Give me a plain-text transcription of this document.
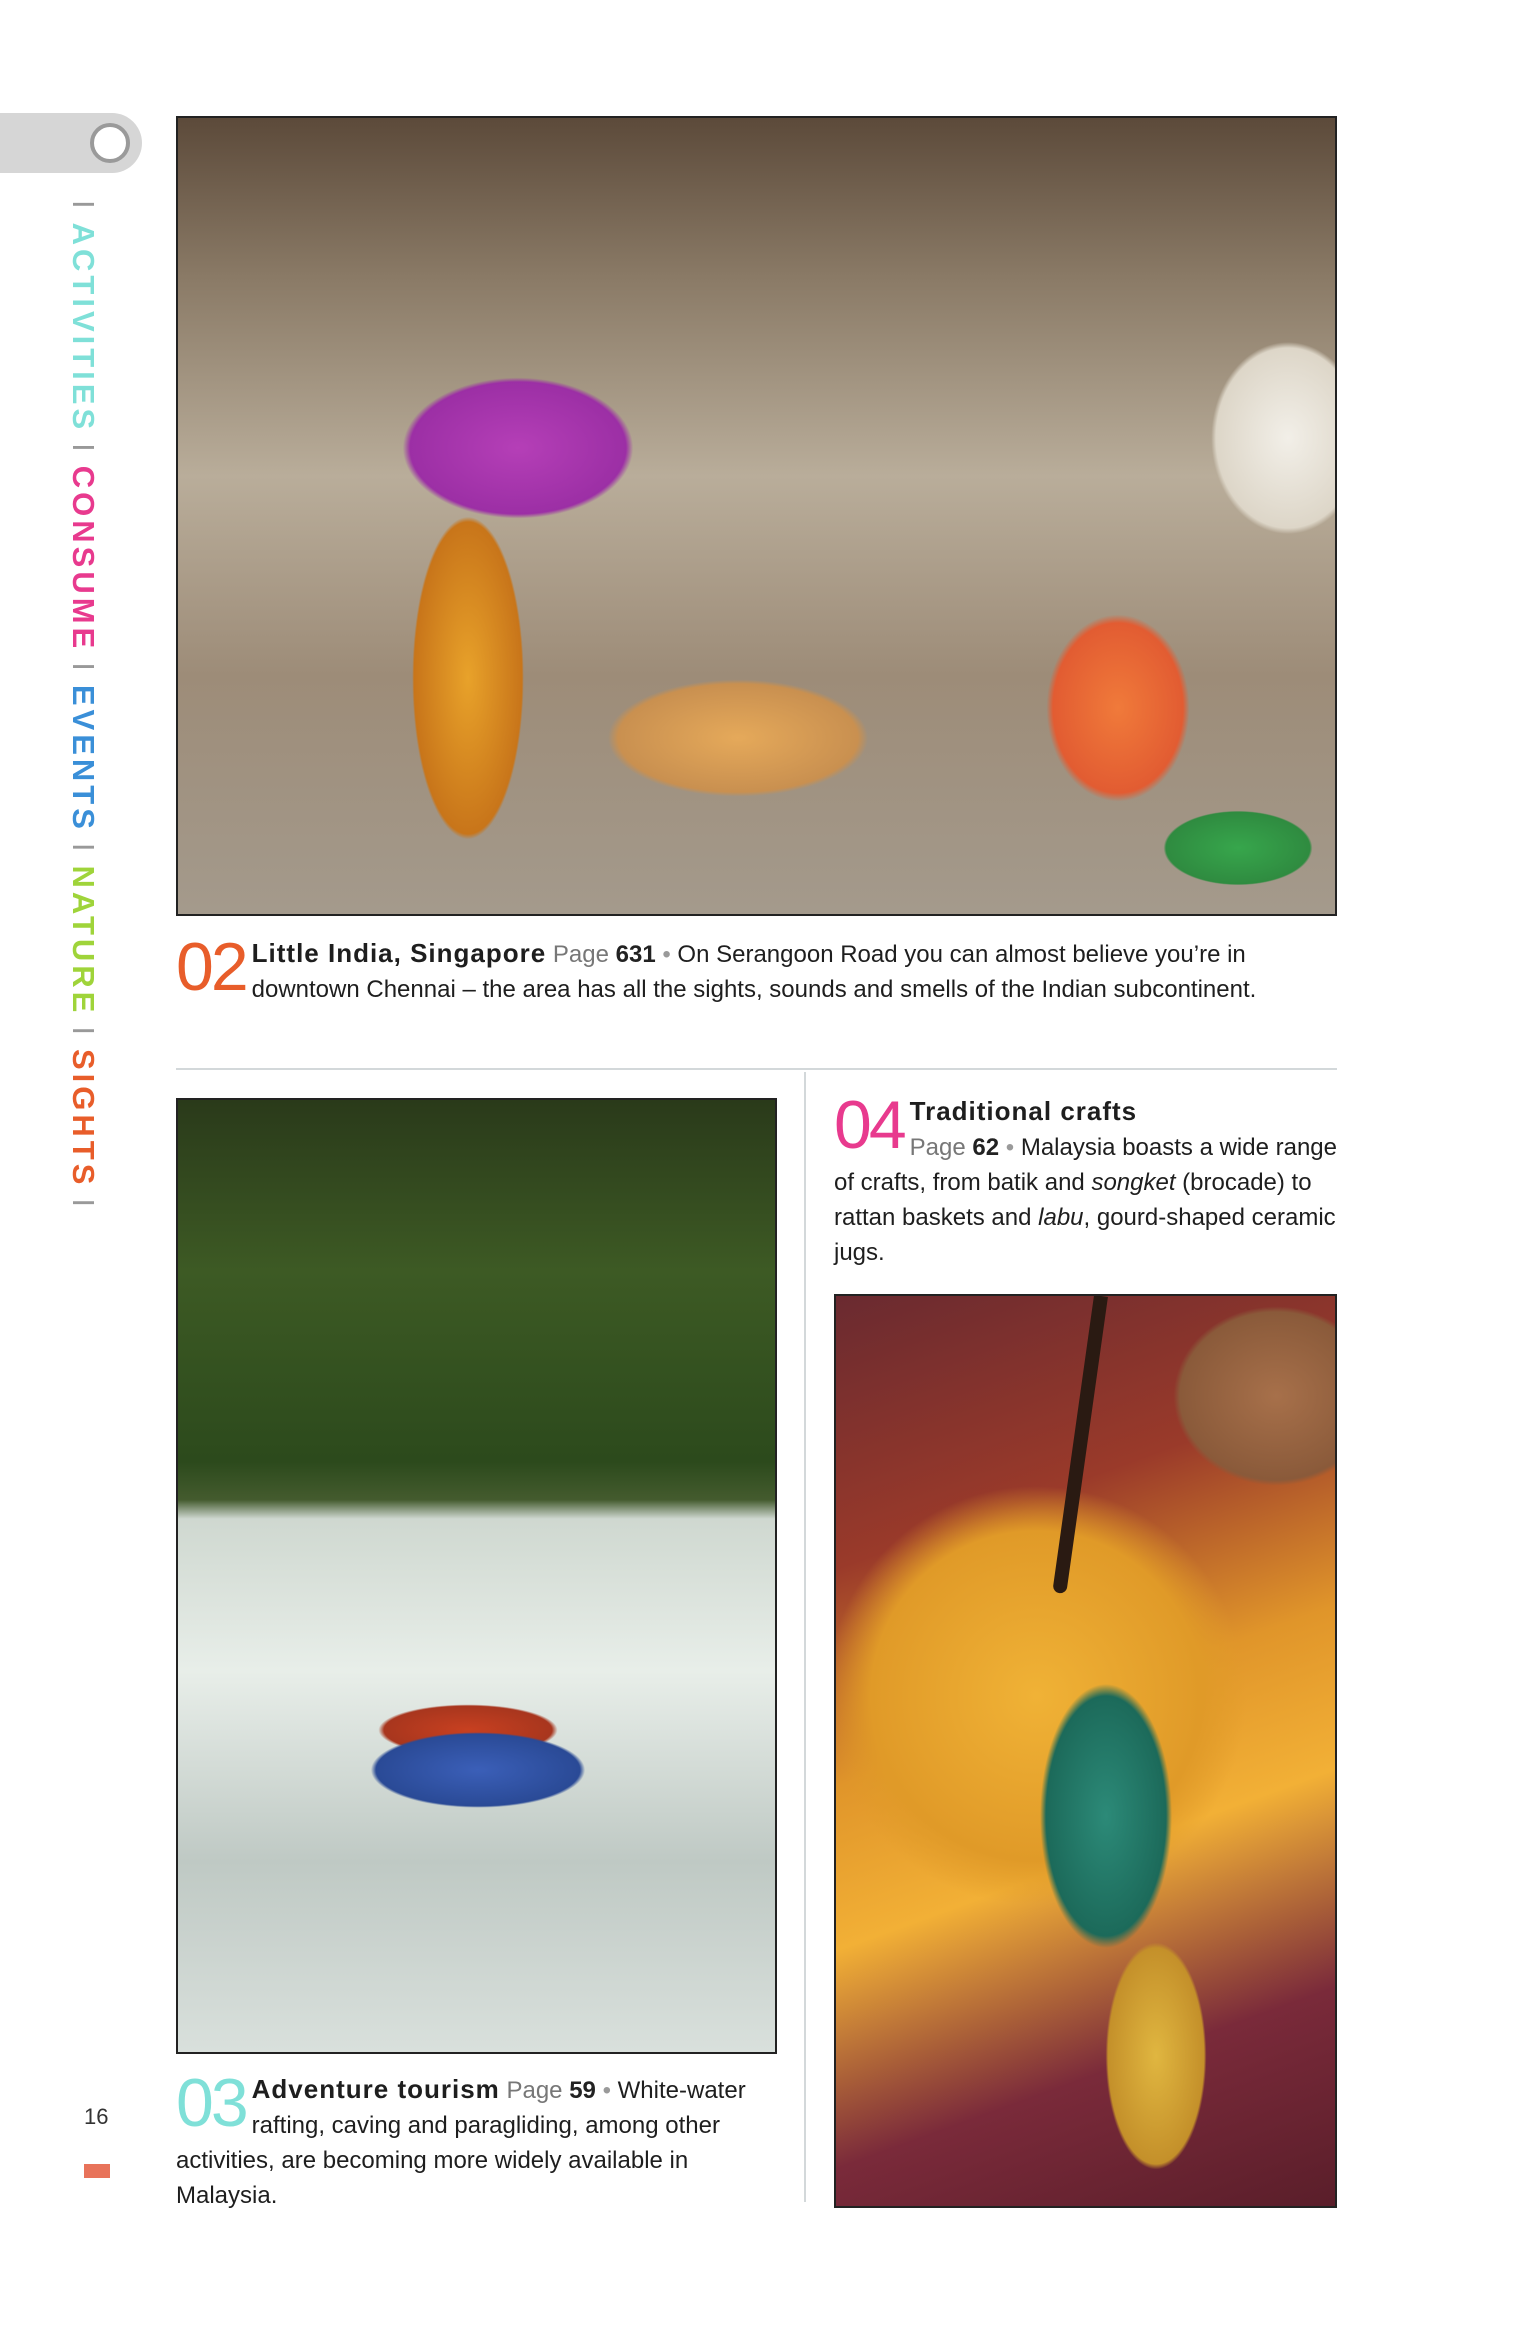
IACTIVITIESICONSUMEIEVENTSINATUREISIGHTSI
02 Little India, Singapore Page 631 • On Serangoon Road you can almost believe you’re in downtown Chennai – the area has all the sights, sounds and smells of the Indian subcontinent.
03 Adventure tourism Page 59 • White-water rafting, caving and paragliding, among other activities, are becoming more widely available in Malaysia.
04 Traditional crafts
Page 62 • Malaysia boasts a wide range of crafts, from batik and songket (brocade) to rattan baskets and labu, gourd-shaped ceramic jugs.
16
